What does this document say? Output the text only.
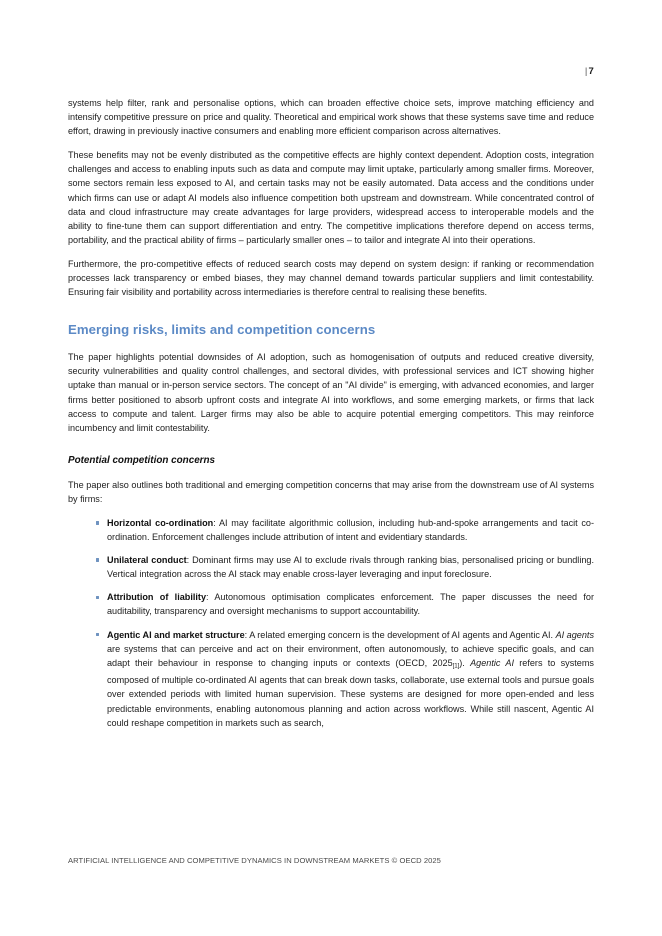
|7

systems help filter, rank and personalise options, which can broaden effective choice sets, improve matching efficiency and intensify competitive pressure on price and quality. Theoretical and empirical work shows that these systems save time and reduce effort, drawing in previously inactive consumers and enabling more efficient comparison across alternatives.

These benefits may not be evenly distributed as the competitive effects are highly context dependent. Adoption costs, integration challenges and access to enabling inputs such as data and compute may limit uptake, particularly among smaller firms. Moreover, some sectors remain less exposed to AI, and certain tasks may not be easily automated. Data access and the conditions under which firms can use or adapt AI models also influence competition both upstream and downstream. While concentrated control of data and cloud infrastructure may create advantages for large providers, widespread access to interoperable models and the ability to fine-tune them can support differentiation and entry. The competitive implications therefore depend on access terms, portability, and the practical ability of firms – particularly smaller ones – to tailor and integrate AI into their operations.

Furthermore, the pro-competitive effects of reduced search costs may depend on system design: if ranking or recommendation processes lack transparency or embed biases, they may channel demand towards particular suppliers and limit contestability. Ensuring fair visibility and portability across intermediaries is therefore central to realising these benefits.

Emerging risks, limits and competition concerns

The paper highlights potential downsides of AI adoption, such as homogenisation of outputs and reduced creative diversity, security vulnerabilities and quality control challenges, and sectoral divides, with professional services and ICT showing higher uptake than manual or in-person service sectors. The concept of an "AI divide" is emerging, with advanced economies, and larger firms better positioned to absorb upfront costs and integrate AI into workflows, and some emerging markets, or firms that lack access to compute and talent. Larger firms may also be able to acquire potential emerging competitors. This may reinforce incumbency and limit contestability.

Potential competition concerns

The paper also outlines both traditional and emerging competition concerns that may arise from the downstream use of AI systems by firms:

Horizontal co-ordination: AI may facilitate algorithmic collusion, including hub-and-spoke arrangements and tacit co-ordination. Enforcement challenges include attribution of intent and evidentiary standards.
Unilateral conduct: Dominant firms may use AI to exclude rivals through ranking bias, personalised pricing or bundling. Vertical integration across the AI stack may enable cross-layer leveraging and input foreclosure.
Attribution of liability: Autonomous optimisation complicates enforcement. The paper discusses the need for auditability, transparency and oversight mechanisms to support accountability.
Agentic AI and market structure: A related emerging concern is the development of AI agents and Agentic AI. AI agents are systems that can perceive and act on their environment, often autonomously, to achieve specific goals, and can adapt their behaviour in response to changing inputs or contexts (OECD, $2025_{[1]}$). Agentic AI refers to systems composed of multiple co-ordinated AI agents that can break down tasks, collaborate, use external tools and pursue goals over extended periods with limited human supervision. These systems are designed for more open-ended and less predictable environments, enabling autonomous planning and action across workflows. While still nascent, Agentic AI could reshape competition in markets such as search,
ARTIFICIAL INTELLIGENCE AND COMPETITIVE DYNAMICS IN DOWNSTREAM MARKETS © OECD 2025
